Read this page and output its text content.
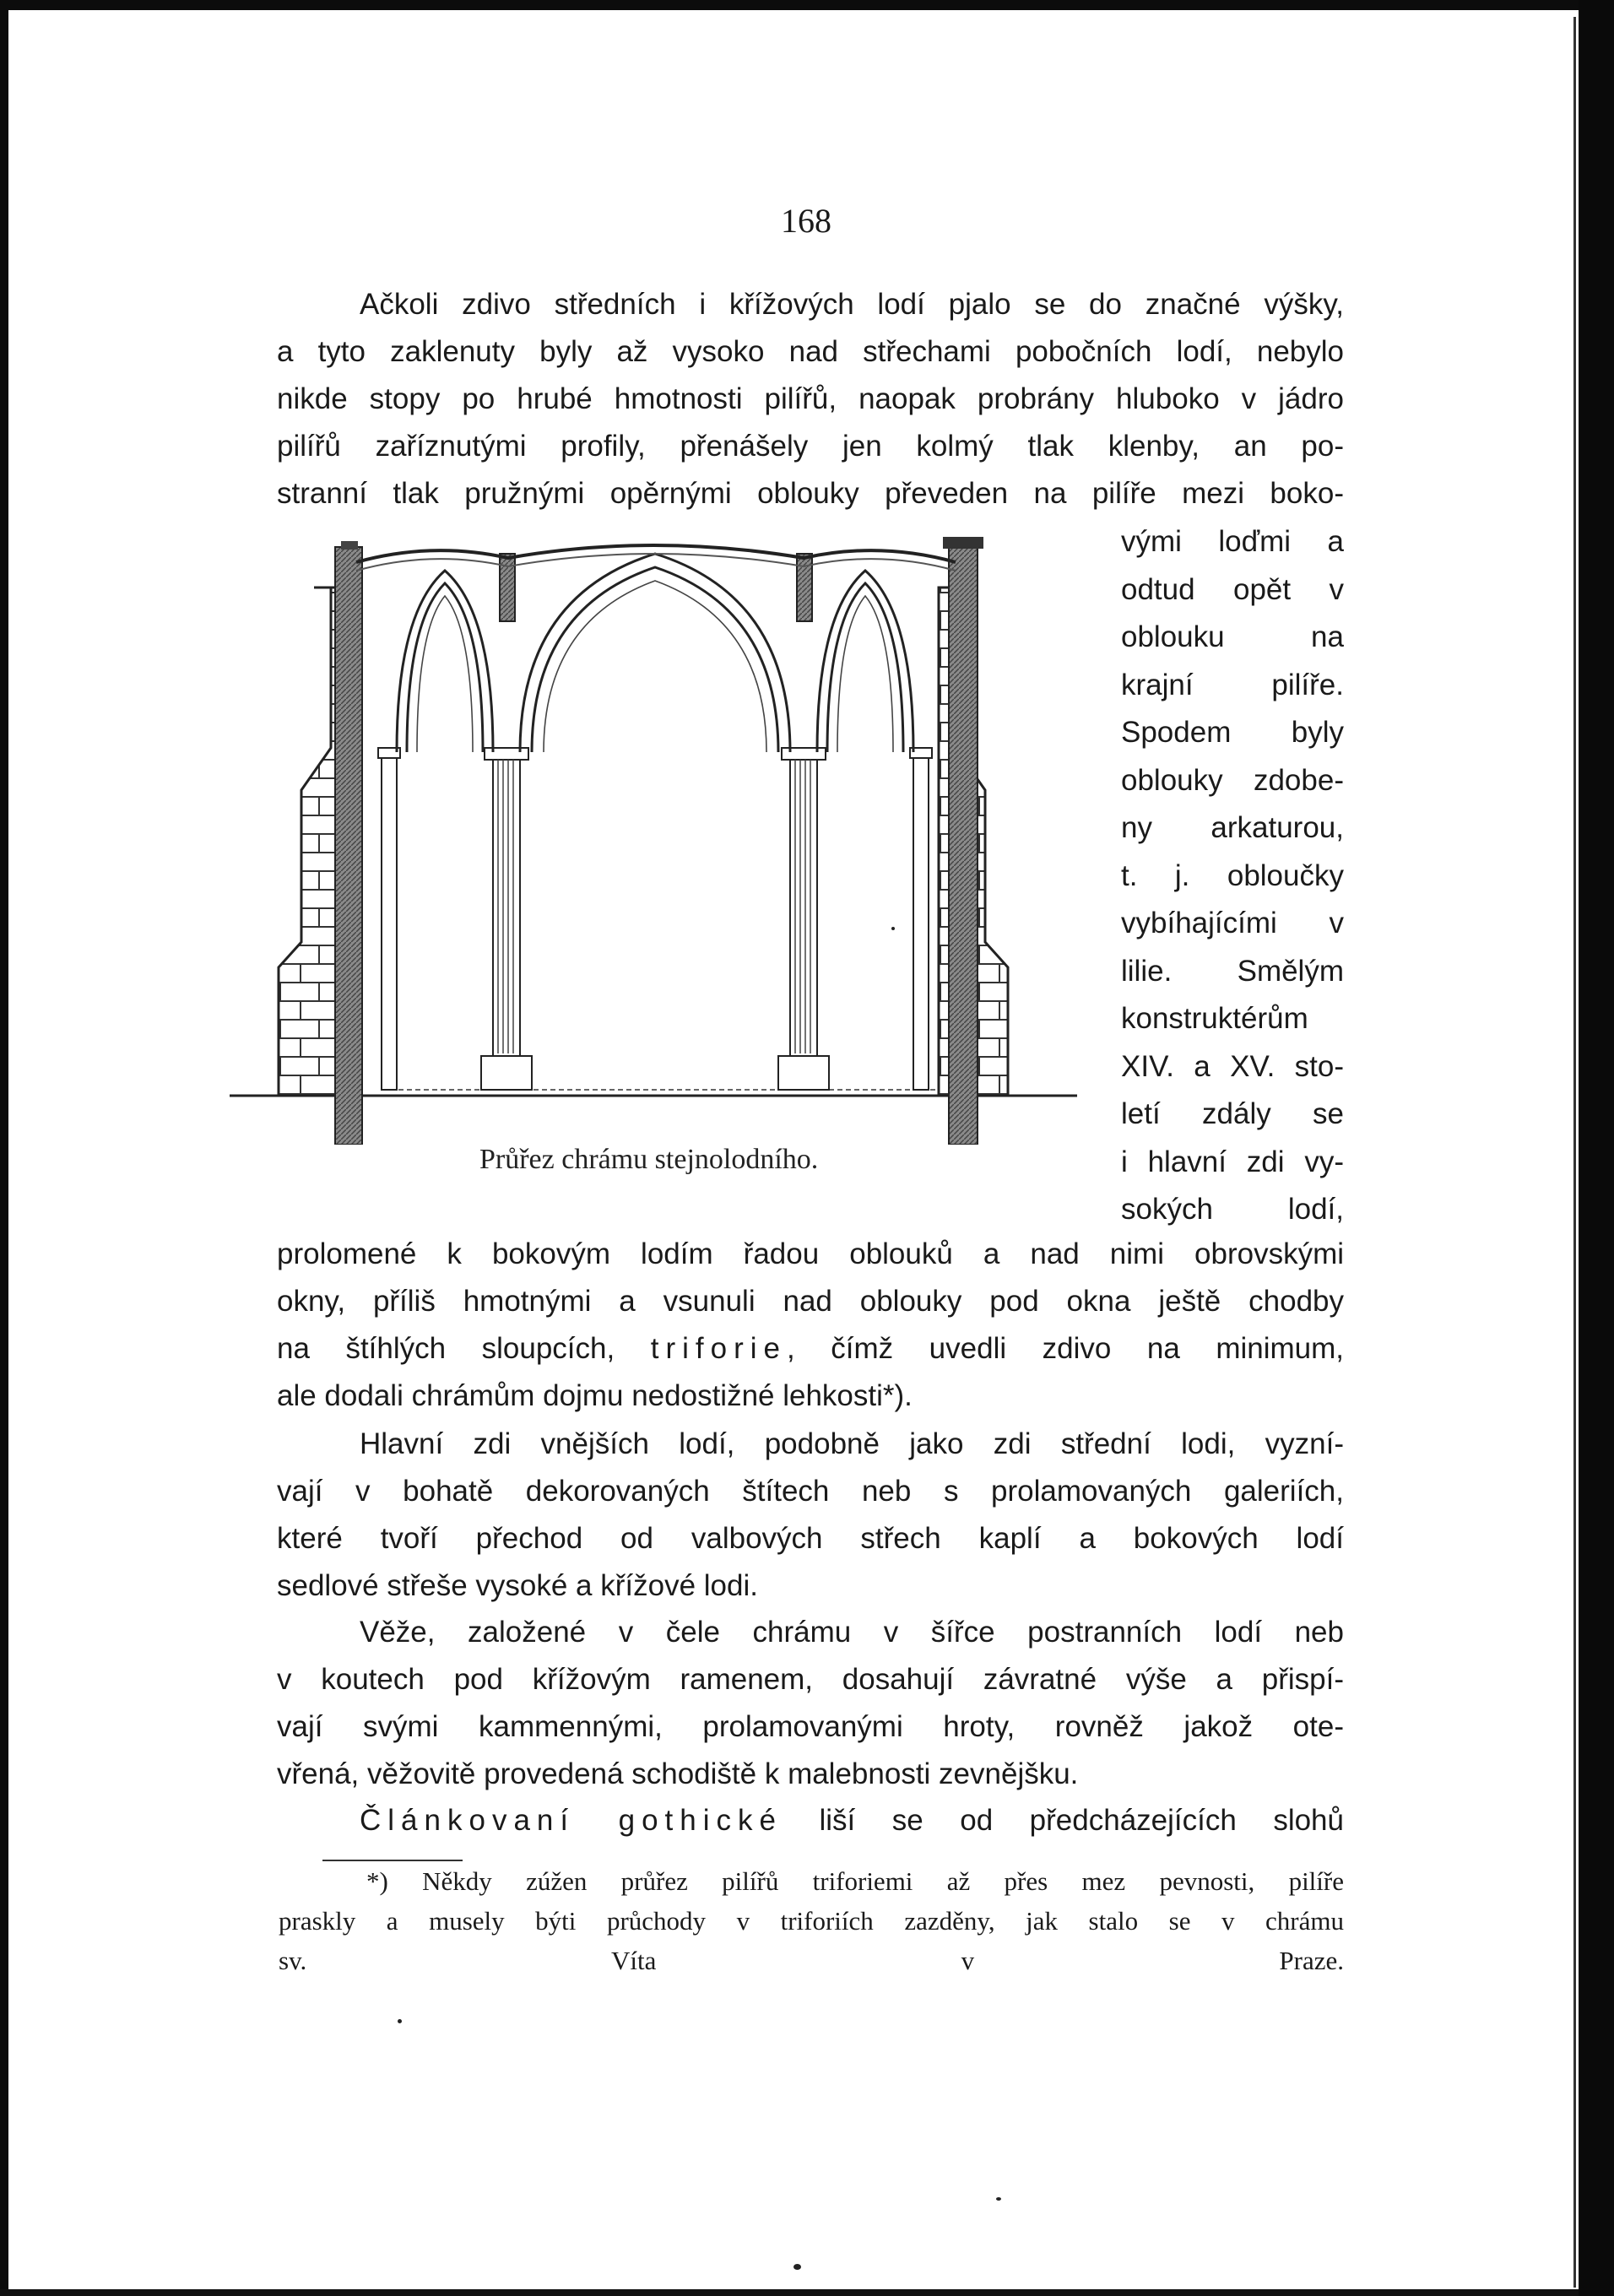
168
Ačkoli zdivo středních i křížových lodí pjalo se do značné výšky,
a tyto zaklenuty byly až vysoko nad střechami pobočních lodí, nebylo
nikde stopy po hrubé hmotnosti pilířů, naopak probrány hluboko v jádro
pilířů zaříznutými profily, přenášely jen kolmý tlak klenby, an po-
stranní tlak pružnými opěrnými oblouky převeden na pilíře mezi boko-
Průřez chrámu stejnolodního.
vými loďmi a
odtud opět v
oblouku na
krajní pilíře.
Spodem byly
oblouky zdobe-
ny arkaturou,
t. j. obloučky
vybíhajícími v
lilie. Smělým
konstruktérům
XIV. a XV. sto-
letí zdály se
i hlavní zdi vy-
sokých lodí,
prolomené k bokovým lodím řadou oblouků a nad nimi obrovskými
okny, příliš hmotnými a vsunuli nad oblouky pod okna ještě chodby
na štíhlých sloupcích, triforie, čímž uvedli zdivo na minimum,
ale dodali chrámům dojmu nedostižné lehkosti*).
Hlavní zdi vnějších lodí, podobně jako zdi střední lodi, vyzní-
vají v bohatě dekorovaných štítech neb s prolamovaných galeriích,
které tvoří přechod od valbových střech kaplí a bokových lodí
sedlové střeše vysoké a křížové lodi.
Věže, založené v čele chrámu v šířce postranních lodí neb
v koutech pod křížovým ramenem, dosahují závratné výše a přispí-
vají svými kammennými, prolamovanými hroty, rovněž jakož ote-
vřená, věžovitě provedená schodiště k malebnosti zevnějšku.
Článkovaní gothické liší se od předcházejících slohů
*) Někdy zúžen průřez pilířů trifоriemi až přes mez pevnosti, pilíře
praskly a musely býti průchody v trifоriích zazděny, jak stalo se v chrámu
sv. Víta v Praze.
